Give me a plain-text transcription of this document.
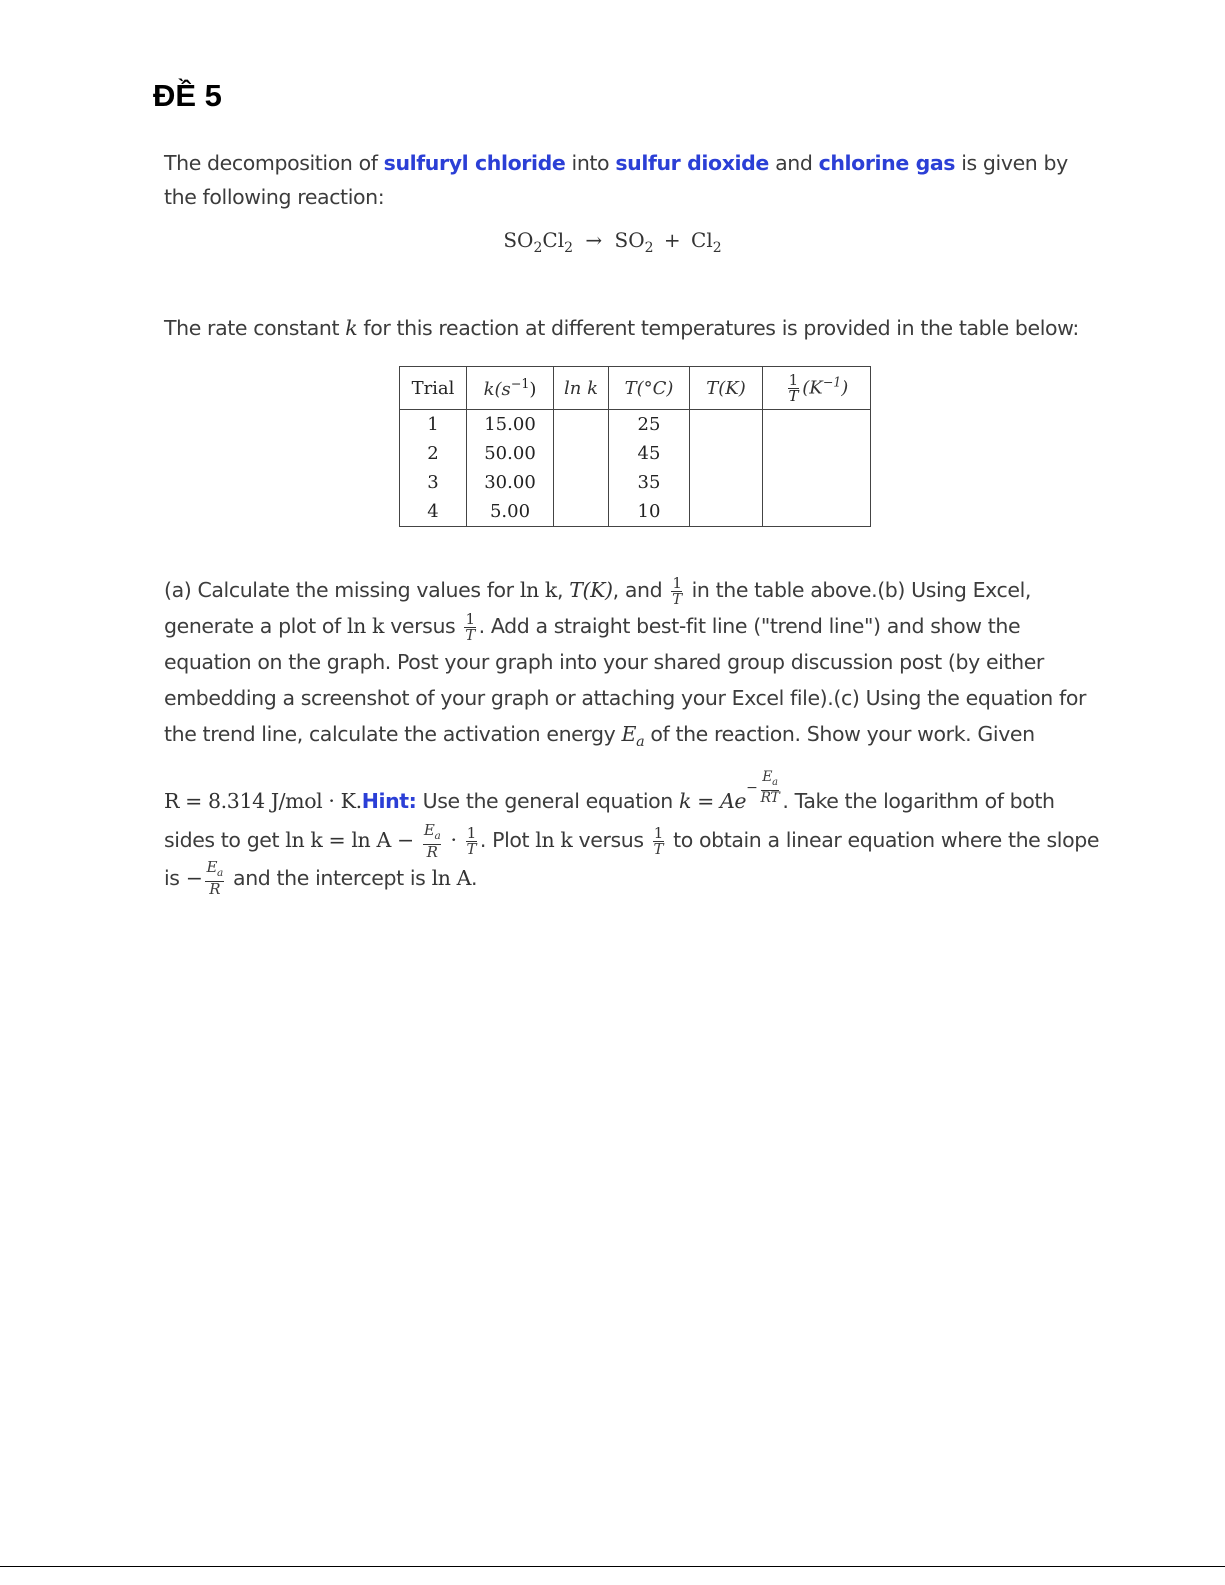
ĐỀ 5
The decomposition of sulfuryl chloride into sulfur dioxide and chlorine gas is given by the following reaction:
$SO_2Cl_2 \to SO_2 + Cl_2$
The rate constant k for this reaction at different temperatures is provided in the table below:
Trial	$k(s^{-1})$	ln k	T(°C)	T(K)	$\frac{1}{T} (K^{-1})$
1	15.00		25		
2	50.00		45		
3	30.00		35		
4	5.00		10		
(a) Calculate the missing values for ln k, T(K), and $\frac{1}{T}$ in the table above.(b) Using Excel, generate a plot of ln k versus $\frac{1}{T}$ . Add a straight best-fit line ("trend line") and show the equation on the graph. Post your graph into your shared group discussion post (by either embedding a screenshot of your graph or attaching your Excel file).(c) Using the equation for the trend line, calculate the activation energy $E_a$ of the reaction. Show your work. Given
R = 8.314 J/mol · K.Hint: Use the general equation $k = Ae- \frac{E_a}{RT}$ . Take the logarithm of both sides to get $\ln k = \ln A - \frac{E_a}{R} \cdot \frac{1}{T}$ . Plot ln k versus $\frac{1}{T}$ to obtain a linear equation where the slope is − $\frac{E_a}{R}$ and the intercept is ln A.
